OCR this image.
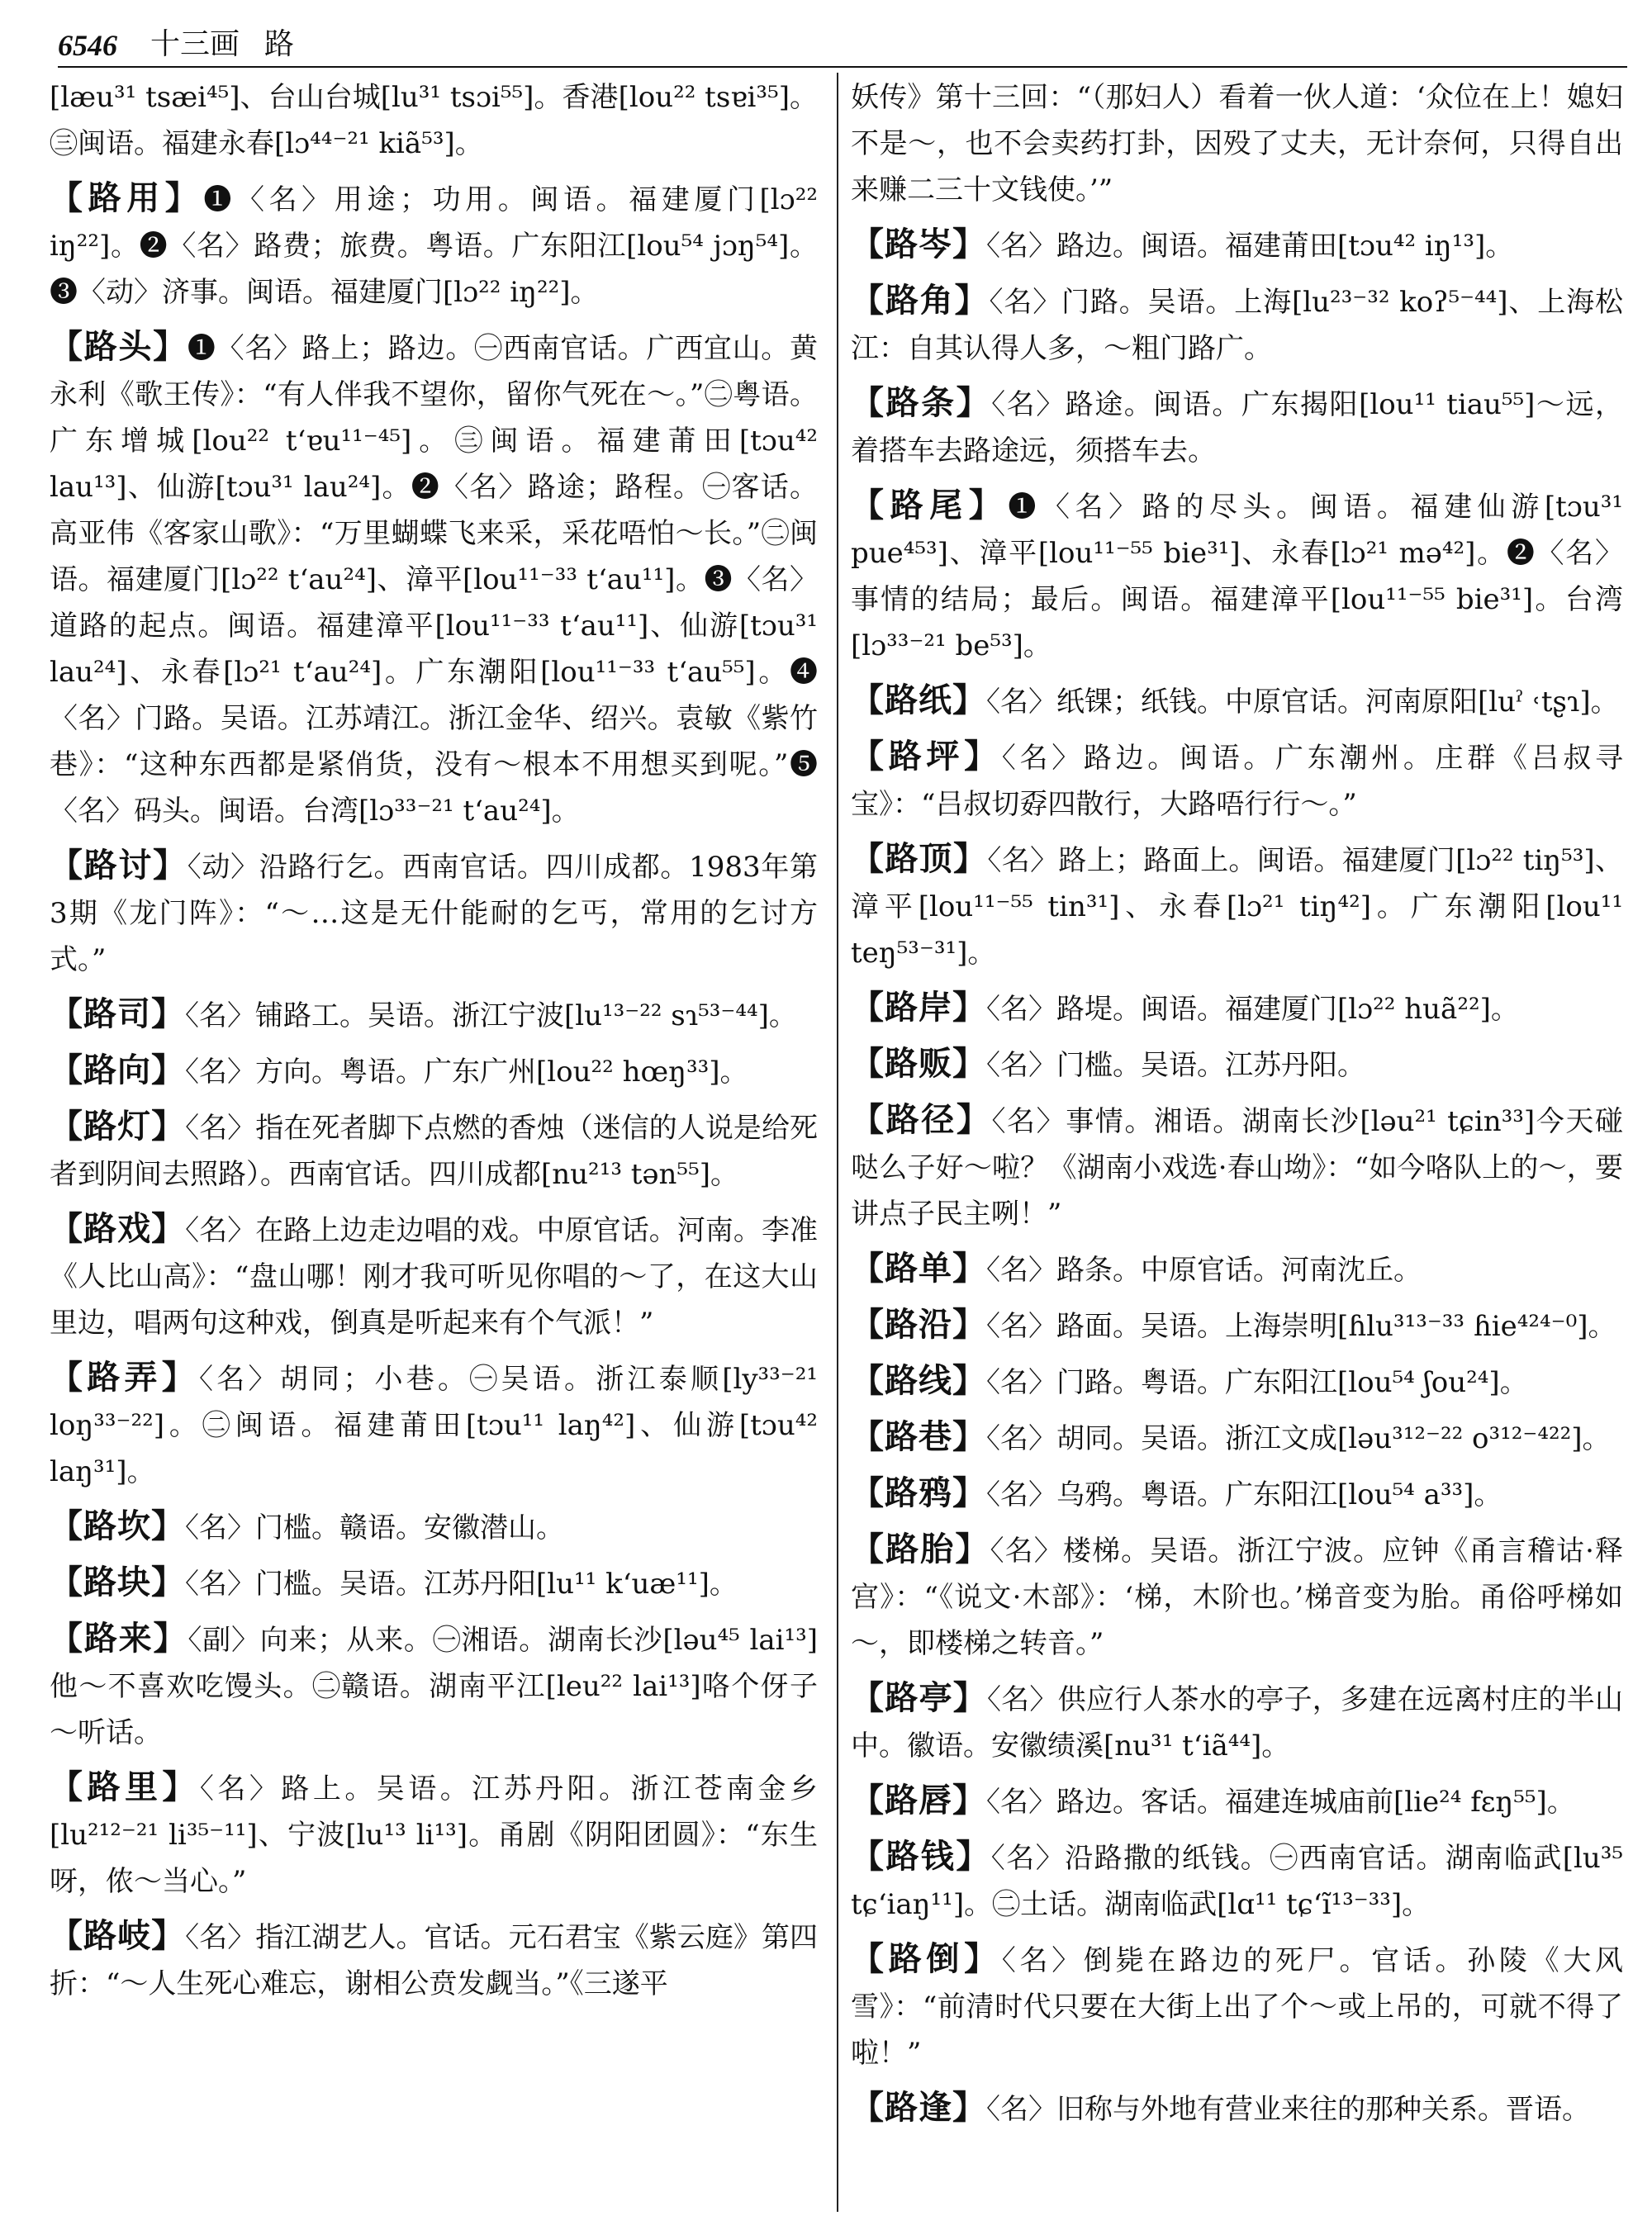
6546 十三画 路
[læu³¹ tsæi⁴⁵]、台山台城[lu³¹ tsɔi⁵⁵]。香港[lou²² tsɐi³⁵]。㊂闽语。福建永春[lɔ⁴⁴⁻²¹ kiã⁵³]。
【路用】❶〈名〉用途；功用。闽语。福建厦门[lɔ²² iŋ²²]。❷〈名〉路费；旅费。粤语。广东阳江[lou⁵⁴ jɔŋ⁵⁴]。❸〈动〉济事。闽语。福建厦门[lɔ²² iŋ²²]。
【路头】❶〈名〉路上；路边。㊀西南官话。广西宜山。黄永利《歌王传》：“有人伴我不望你，留你气死在～。”㊁粤语。广东增城[lou²² tʻɐu¹¹⁻⁴⁵]。㊂闽语。福建莆田[tɔu⁴² lau¹³]、仙游[tɔu³¹ lau²⁴]。❷〈名〉路途；路程。㊀客话。高亚伟《客家山歌》：“万里蝴蝶飞来采，采花唔怕～长。”㊁闽语。福建厦门[lɔ²² tʻau²⁴]、漳平[lou¹¹⁻³³ tʻau¹¹]。❸〈名〉道路的起点。闽语。福建漳平[lou¹¹⁻³³ tʻau¹¹]、仙游[tɔu³¹ lau²⁴]、永春[lɔ²¹ tʻau²⁴]。广东潮阳[lou¹¹⁻³³ tʻau⁵⁵]。❹〈名〉门路。吴语。江苏靖江。浙江金华、绍兴。袁敏《紫竹巷》：“这种东西都是紧俏货，没有～根本不用想买到呢。”❺〈名〉码头。闽语。台湾[lɔ³³⁻²¹ tʻau²⁴]。
【路讨】〈动〉沿路行乞。西南官话。四川成都。1983年第3期《龙门阵》：“～…这是无什能耐的乞丐，常用的乞讨方式。”
【路司】〈名〉铺路工。吴语。浙江宁波[lu¹³⁻²² sɿ⁵³⁻⁴⁴]。
【路向】〈名〉方向。粤语。广东广州[lou²² hœŋ³³]。
【路灯】〈名〉指在死者脚下点燃的香烛（迷信的人说是给死者到阴间去照路）。西南官话。四川成都[nu²¹³ tən⁵⁵]。
【路戏】〈名〉在路上边走边唱的戏。中原官话。河南。李准《人比山高》：“盘山哪！刚才我可听见你唱的～了，在这大山里边，唱两句这种戏，倒真是听起来有个气派！”
【路弄】〈名〉胡同；小巷。㊀吴语。浙江泰顺[ly³³⁻²¹ loŋ³³⁻²²]。㊁闽语。福建莆田[tɔu¹¹ laŋ⁴²]、仙游[tɔu⁴² laŋ³¹]。
【路坎】〈名〉门槛。赣语。安徽潜山。
【路块】〈名〉门槛。吴语。江苏丹阳[lu¹¹ kʻuæ¹¹]。
【路来】〈副〉向来；从来。㊀湘语。湖南长沙[ləu⁴⁵ lai¹³]他～不喜欢吃馒头。㊁赣语。湖南平江[leu²² lai¹³]咯个伢子～听话。
【路里】〈名〉路上。吴语。江苏丹阳。浙江苍南金乡[lu²¹²⁻²¹ li³⁵⁻¹¹]、宁波[lu¹³ li¹³]。甬剧《阴阳团圆》：“东生呀，侬～当心。”
【路岐】〈名〉指江湖艺人。官话。元石君宝《紫云庭》第四折：“～人生死心难忘，谢相公贲发觑当。”《三遂平
妖传》第十三回：“（那妇人）看着一伙人道：‘众位在上！媳妇不是～，也不会卖药打卦，因殁了丈夫，无计奈何，只得自出来赚二三十文钱使。’”
【路岑】〈名〉路边。闽语。福建莆田[tɔu⁴² iŋ¹³]。
【路角】〈名〉门路。吴语。上海[lu²³⁻³² koʔ⁵⁻⁴⁴]、上海松江：自其认得人多，～粗门路广。
【路条】〈名〉路途。闽语。广东揭阳[lou¹¹ tiau⁵⁵]～远，着搭车去路途远，须搭车去。
【路尾】❶〈名〉路的尽头。闽语。福建仙游[tɔu³¹ pue⁴⁵³]、漳平[lou¹¹⁻⁵⁵ bie³¹]、永春[lɔ²¹ mə⁴²]。❷〈名〉事情的结局；最后。闽语。福建漳平[lou¹¹⁻⁵⁵ bie³¹]。台湾[lɔ³³⁻²¹ be⁵³]。
【路纸】〈名〉纸锞；纸钱。中原官话。河南原阳[luˀ ˓tʂɿ]。
【路坪】〈名〉路边。闽语。广东潮州。庄群《吕叔寻宝》：“吕叔切孬四散行，大路唔行行～。”
【路顶】〈名〉路上；路面上。闽语。福建厦门[lɔ²² tiŋ⁵³]、漳平[lou¹¹⁻⁵⁵ tin³¹]、永春[lɔ²¹ tiŋ⁴²]。广东潮阳[lou¹¹ teŋ⁵³⁻³¹]。
【路岸】〈名〉路堤。闽语。福建厦门[lɔ²² huã²²]。
【路贩】〈名〉门槛。吴语。江苏丹阳。
【路径】〈名〉事情。湘语。湖南长沙[ləu²¹ tɕin³³]今天碰哒么子好～啦？《湖南小戏选·春山坳》：“如今咯队上的～，要讲点子民主咧！”
【路单】〈名〉路条。中原官话。河南沈丘。
【路沿】〈名〉路面。吴语。上海崇明[ɦlu³¹³⁻³³ ɦie⁴²⁴⁻⁰]。
【路线】〈名〉门路。粤语。广东阳江[lou⁵⁴ ʃou²⁴]。
【路巷】〈名〉胡同。吴语。浙江文成[ləu³¹²⁻²² o³¹²⁻⁴²²]。
【路鸦】〈名〉乌鸦。粤语。广东阳江[lou⁵⁴ a³³]。
【路胎】〈名〉楼梯。吴语。浙江宁波。应钟《甬言稽诂·释宫》：“《说文·木部》：‘梯，木阶也。’梯音变为胎。甬俗呼梯如～，即楼梯之转音。”
【路亭】〈名〉供应行人茶水的亭子，多建在远离村庄的半山中。徽语。安徽绩溪[nu³¹ tʻiã⁴⁴]。
【路唇】〈名〉路边。客话。福建连城庙前[lie²⁴ fɛŋ⁵⁵]。
【路钱】〈名〉沿路撒的纸钱。㊀西南官话。湖南临武[lu³⁵ tɕʻiaŋ¹¹]。㊁土话。湖南临武[lɑ¹¹ tɕʻĩ¹³⁻³³]。
【路倒】〈名〉倒毙在路边的死尸。官话。孙陵《大风雪》：“前清时代只要在大街上出了个～或上吊的，可就不得了啦！”
【路逢】〈名〉旧称与外地有营业来往的那种关系。晋语。
